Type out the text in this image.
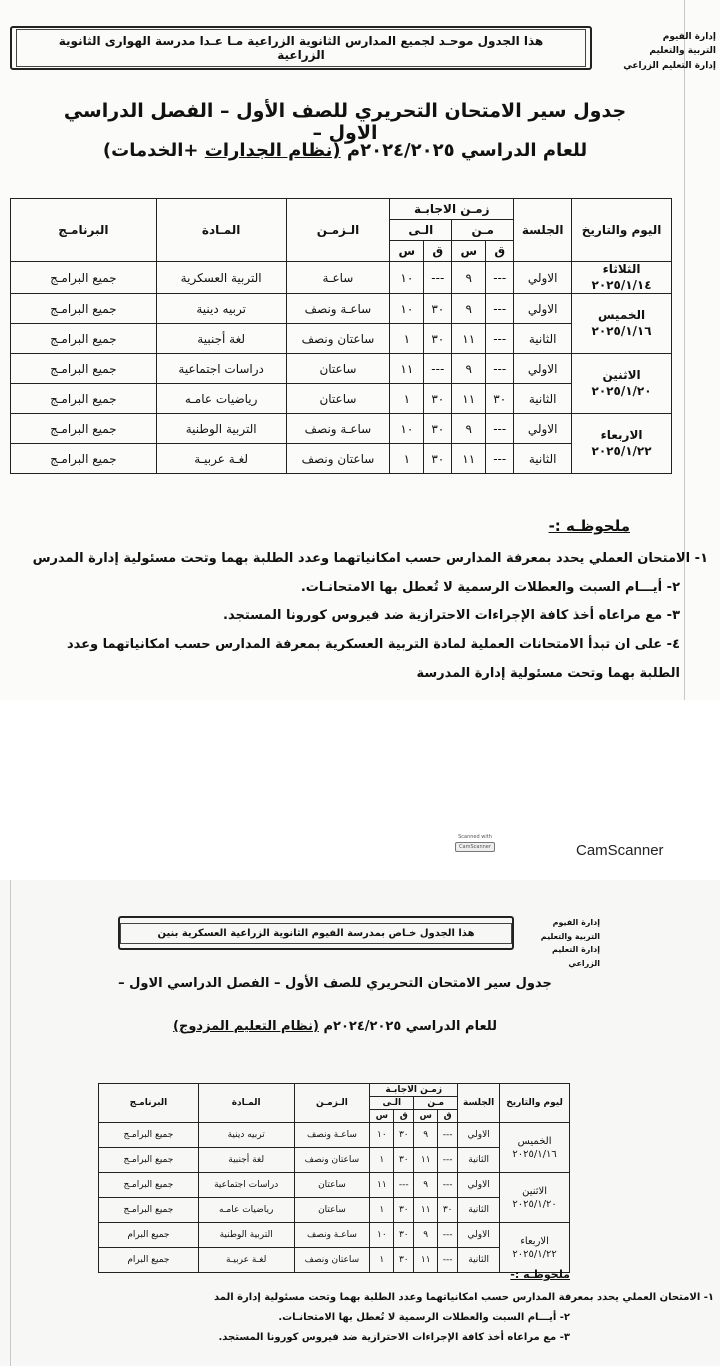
إدارة الفيوم
التربية والتعليم
إدارة التعليم الزراعي
هذا الجدول موحـد لجميع المدارس الثانوية الزراعية مـا عـدا مدرسة الهوارى الثانوية الزراعية
جدول سير الامتحان التحريري للصف الأول – الفصل الدراسي الاول –
للعام الدراسي ٢٠٢٤/٢٠٢٥م (نظام الجدارات +الخدمات)
اليوم والتاريخ	الجلسة	زمـن الاجابـة				الـزمـن	المـادة	البرنامـج
		مـن		الـى				
		ق	س	ق	س			

الثلاثاء
٢٠٢٥/١/١٤	الاولي	---	٩	---	١٠	ساعـة	التربية العسكرية	جميع البرامـج

الخميس
٢٠٢٥/١/١٦	الاولي	---	٩	٣٠	١٠	ساعـة ونصف	تربيه دينية	جميع البرامـج
	الثانية	---	١١	٣٠	١	ساعتان ونصف	لغة أجنبية	جميع البرامـج

الاثنين
٢٠٢٥/١/٢٠	الاولي	---	٩	---	١١	ساعتان	دراسات اجتماعية	جميع البرامـج
	الثانية	٣٠	١١	٣٠	١	ساعتان	رياضيات عامـه	جميع البرامـج

الاربعاء
٢٠٢٥/١/٢٢	الاولي	---	٩	٣٠	١٠	ساعـة ونصف	التربية الوطنية	جميع البرامـج
	الثانية	---	١١	٣٠	١	ساعتان ونصف	لغـة عربيـة	جميع البرامـج
ملحوظـه :-
١- الامتحان العملي يحدد بمعرفة المدارس حسب امكانياتهما وعدد الطلبة بهما وتحت مسئولية إدارة المدرس
٢- أيـــام السبت والعطلات الرسمية لا تُعطل بها الامتحانـات.
٣- مع مراعاه أخذ كافة الإجراءات الاحترازية ضد فيروس كورونا المستجد.
٤- على ان تبدأ الامتحانات العملية لمادة التربية العسكرية بمعرفة المدارس حسب امكانياتهما وعدد
الطلبة بهما وتحت مسئولية إدارة المدرسة
Scanned with
CamScanner	CamScanner
إدارة الفيوم
التربية والتعليم
إدارة التعليم الزراعي
هذا الجدول خـاص بمدرسة الفيوم الثانوية الزراعية العسكرية بنين
جدول سير الامتحان التحريري للصف الأول – الفصل الدراسي الاول –
للعام الدراسي ٢٠٢٤/٢٠٢٥م (نظام التعليم المزدوج)
ليوم والتاريخ	الجلسة	زمـن الاجابـة				الـزمـن	المـادة	البرنامـج
		مـن		الـى				
		ق	س	ق	س			

الخميس
٢٠٢٥/١/١٦	الاولي	---	٩	٣٠	١٠	ساعـة ونصف	تربيه دينية	جميع البرامـج
	الثانية	---	١١	٣٠	١	ساعتان ونصف	لغة أجنبية	جميع البرامـج

الاثنين
٢٠٢٥/١/٢٠	الاولي	---	٩	---	١١	ساعتان	دراسات اجتماعية	جميع البرامـج
	الثانية	٣٠	١١	٣٠	١	ساعتان	رياضيات عامـه	جميع البرامـج

الاربعاء
٢٠٢٥/١/٢٢	الاولي	---	٩	٣٠	١٠	ساعـة ونصف	التربية الوطنية	جميع البرام
	الثانية	---	١١	٣٠	١	ساعتان ونصف	لغـة عربيـة	جميع البرام
ملحوظـه :-
١- الامتحان العملي يحدد بمعرفة المدارس حسب امكانياتهما وعدد الطلبة بهما وتحت مسئولية إدارة المد
٢- أيـــام السبت والعطلات الرسمية لا تُعطل بها الامتحانـات.
٣- مع مراعاه أخذ كافة الإجراءات الاحترازية ضد فيروس كورونا المستجد.
